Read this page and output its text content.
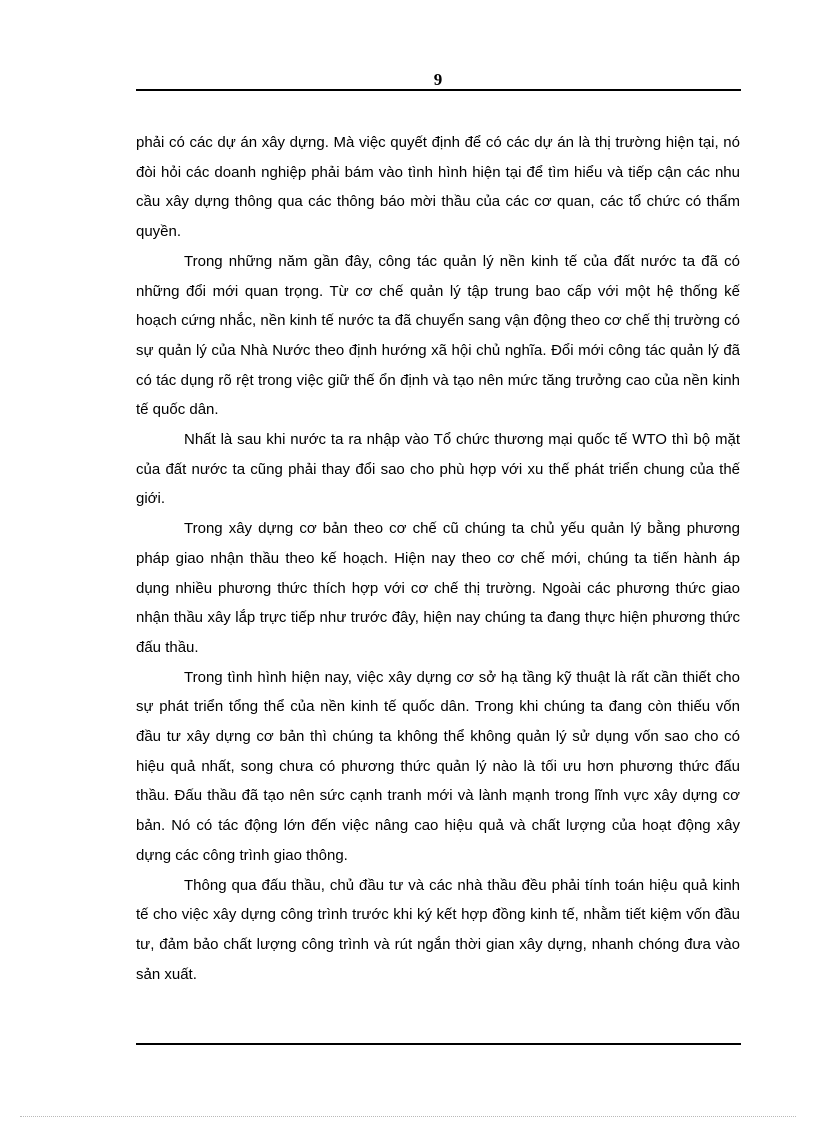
9

phải có các dự án xây dựng. Mà việc quyết định để có các dự án là thị trường hiện tại, nó đòi hỏi các doanh nghiệp phải bám vào tình hình hiện tại để tìm hiểu và tiếp cận các nhu cầu xây dựng thông qua các thông báo mời thầu của các cơ quan, các tổ chức có thẩm quyền.

Trong những năm gần đây, công tác quản lý nền kinh tế của đất nước ta đã có những đổi mới quan trọng. Từ cơ chế quản lý tập trung bao cấp với một hệ thống kế hoạch cứng nhắc, nền kinh tế nước ta đã chuyển sang vận động theo cơ chế thị trường có sự quản lý của Nhà Nước theo định hướng xã hội chủ nghĩa. Đổi mới công tác quản lý đã có tác dụng rõ rệt trong việc giữ thế ổn định và tạo nên mức tăng trưởng cao của nền kinh tế quốc dân.

Nhất là sau khi nước ta ra nhập vào Tổ chức thương mại quốc tế WTO thì bộ mặt của đất nước ta cũng phải thay đổi sao cho phù hợp với xu thế phát triển chung của thế giới.

Trong xây dựng cơ bản theo cơ chế cũ chúng ta chủ yếu quản lý bằng phương pháp giao nhận thầu theo kế hoạch. Hiện nay theo cơ chế mới, chúng ta tiến hành áp dụng nhiều phương thức thích hợp với cơ chế thị trường. Ngoài các phương thức giao nhận thầu xây lắp trực tiếp như trước đây, hiện nay chúng ta đang thực hiện phương thức đấu thầu.

Trong tình hình hiện nay, việc xây dựng cơ sở hạ tầng kỹ thuật là rất cần thiết cho sự phát triển tổng thể của nền kinh tế quốc dân. Trong khi chúng ta đang còn thiếu vốn đầu tư xây dựng cơ bản thì chúng ta không thể không quản lý sử dụng vốn sao cho có hiệu quả nhất, song chưa có phương thức quản lý nào là tối ưu hơn phương thức đấu thầu. Đấu thầu đã tạo nên sức cạnh tranh mới và lành mạnh trong lĩnh vực xây dựng cơ bản. Nó có tác động lớn đến việc nâng cao hiệu quả và chất lượng của hoạt động xây dựng các công trình giao thông.

Thông qua đấu thầu, chủ đầu tư và các nhà thầu đều phải tính toán hiệu quả kinh tế cho việc xây dựng công trình trước khi ký kết hợp đồng kinh tế, nhằm tiết kiệm vốn đầu tư, đảm bảo chất lượng công trình và rút ngắn thời gian xây dựng, nhanh chóng đưa vào sản xuất.
